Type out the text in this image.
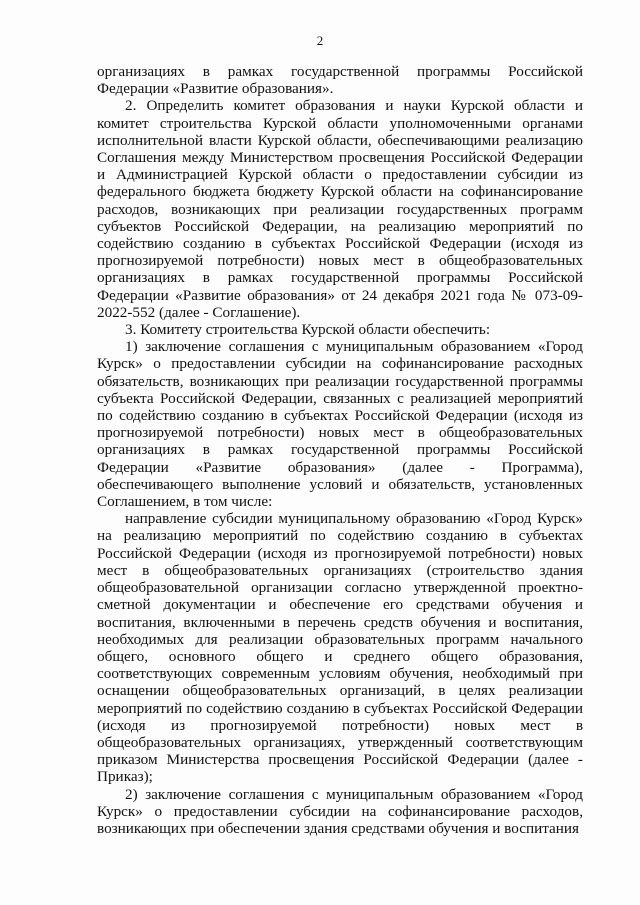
2

организациях в рамках государственной программы Российской Федерации «Развитие образования».

2. Определить комитет образования и науки Курской области и комитет строительства Курской области уполномоченными органами исполнительной власти Курской области, обеспечивающими реализацию Соглашения между Министерством просвещения Российской Федерации и Администрацией Курской области о предоставлении субсидии из федерального бюджета бюджету Курской области на софинансирование расходов, возникающих при реализации государственных программ субъектов Российской Федерации, на реализацию мероприятий по содействию созданию в субъектах Российской Федерации (исходя из прогнозируемой потребности) новых мест в общеобразовательных организациях в рамках государственной программы Российской Федерации «Развитие образования» от 24 декабря 2021 года № 073-09-2022-552 (далее - Соглашение).

3. Комитету строительства Курской области обеспечить:

1) заключение соглашения с муниципальным образованием «Город Курск» о предоставлении субсидии на софинансирование расходных обязательств, возникающих при реализации государственной программы субъекта Российской Федерации, связанных с реализацией мероприятий по содействию созданию в субъектах Российской Федерации (исходя из прогнозируемой потребности) новых мест в общеобразовательных организациях в рамках государственной программы Российской Федерации «Развитие образования» (далее - Программа), обеспечивающего выполнение условий и обязательств, установленных Соглашением, в том числе:

направление субсидии муниципальному образованию «Город Курск» на реализацию мероприятий по содействию созданию в субъектах Российской Федерации (исходя из прогнозируемой потребности) новых мест в общеобразовательных организациях (строительство здания общеобразовательной организации согласно утвержденной проектно-сметной документации и обеспечение его средствами обучения и воспитания, включенными в перечень средств обучения и воспитания, необходимых для реализации образовательных программ начального общего, основного общего и среднего общего образования, соответствующих современным условиям обучения, необходимый при оснащении общеобразовательных организаций, в целях реализации мероприятий по содействию созданию в субъектах Российской Федерации (исходя из прогнозируемой потребности) новых мест в общеобразовательных организациях, утвержденный соответствующим приказом Министерства просвещения Российской Федерации (далее - Приказ);

2) заключение соглашения с муниципальным образованием «Город Курск» о предоставлении субсидии на софинансирование расходов, возникающих при обеспечении здания средствами обучения и воспитания
